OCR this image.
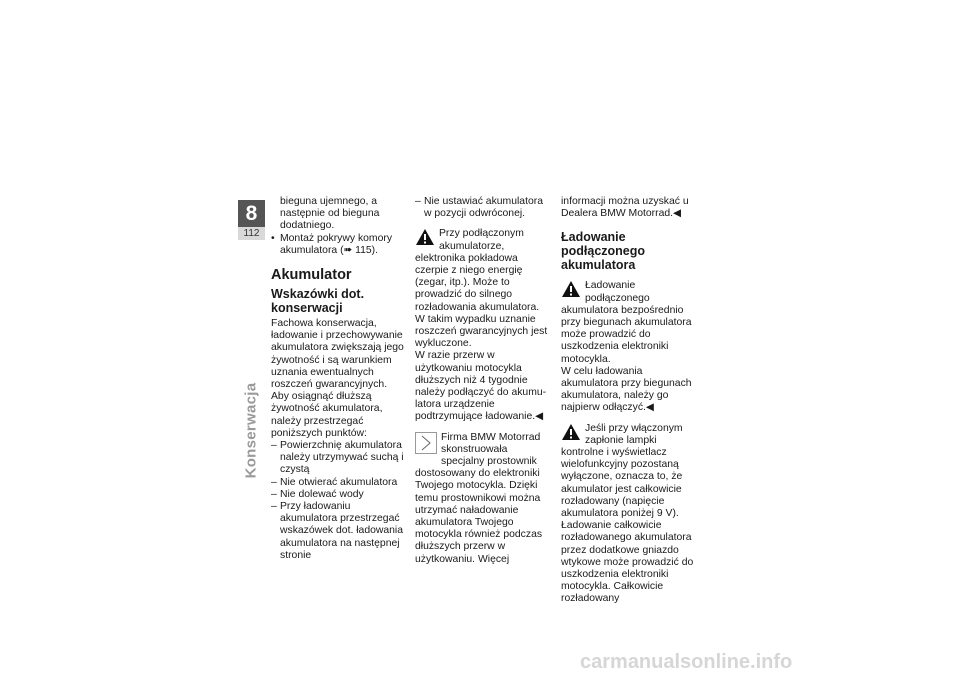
8
112
Konserwacja

bieguna ujemnego, a następnie od bieguna dodatniego.

• Montaż pokrywy komory akumulatora (➠ 115).
Akumulator
Wskazówki dot. konserwacji

Fachowa konserwacja, ładowanie i przechowywanie akumulatora zwiększają jego żywotność i są warunkiem uznania ewentualnych roszczeń gwarancyjnych.

Aby osiągnąć dłuższą żywotność akumulatora, należy przestrzegać poniższych punktów:

– Powierzchnię akumulatora należy utrzymywać suchą i czystą
– Nie otwierać akumulatora
– Nie dolewać wody
– Przy ładowaniu akumulatora przestrzegać wskazówek dot. ładowania akumulatora na następnej stronie
– Nie ustawiać akumulatora w pozycji odwróconej.

Przy podłączonym akumulatorze, elektronika pokładowa czerpie z niego energię (zegar, itp.). Może to prowadzić do silnego rozładowania akumulatora. W takim wypadku uznanie roszczeń gwarancyjnych jest wykluczone.

W razie przerw w użytkowaniu motocykla dłuższych niż 4 tygodnie należy podłączyć do akumulatora urządzenie podtrzymujące ładowanie.◀

Firma BMW Motorrad skonstruowała specjalny prostownik dostosowany do elektroniki Twojego motocykla. Dzięki temu prostownikowi można utrzymać naładowanie akumulatora Twojego motocykla również podczas dłuższych przerw w użytkowaniu. Więcej

informacji można uzyskać u Dealera BMW Motorrad.◀

Ładowanie podłączonego akumulatora

Ładowanie podłączonego akumulatora bezpośrednio przy biegunach akumulatora może prowadzić do uszkodzenia elektroniki motocykla.

W celu ładowania akumulatora przy biegunach akumulatora, należy go najpierw odłączyć.◀

Jeśli przy włączonym zapłonie lampki kontrolne i wyświetlacz wielofunkcyjny pozostaną wyłączone, oznacza to, że akumulator jest całkowicie rozładowany (napięcie akumulatora poniżej 9 V). Ładowanie całkowicie rozładowanego akumulatora przez dodatkowe gniazdo wtykowe może prowadzić do uszkodzenia elektroniki motocykla. Całkowicie rozładowany

carmanualsonline.info
